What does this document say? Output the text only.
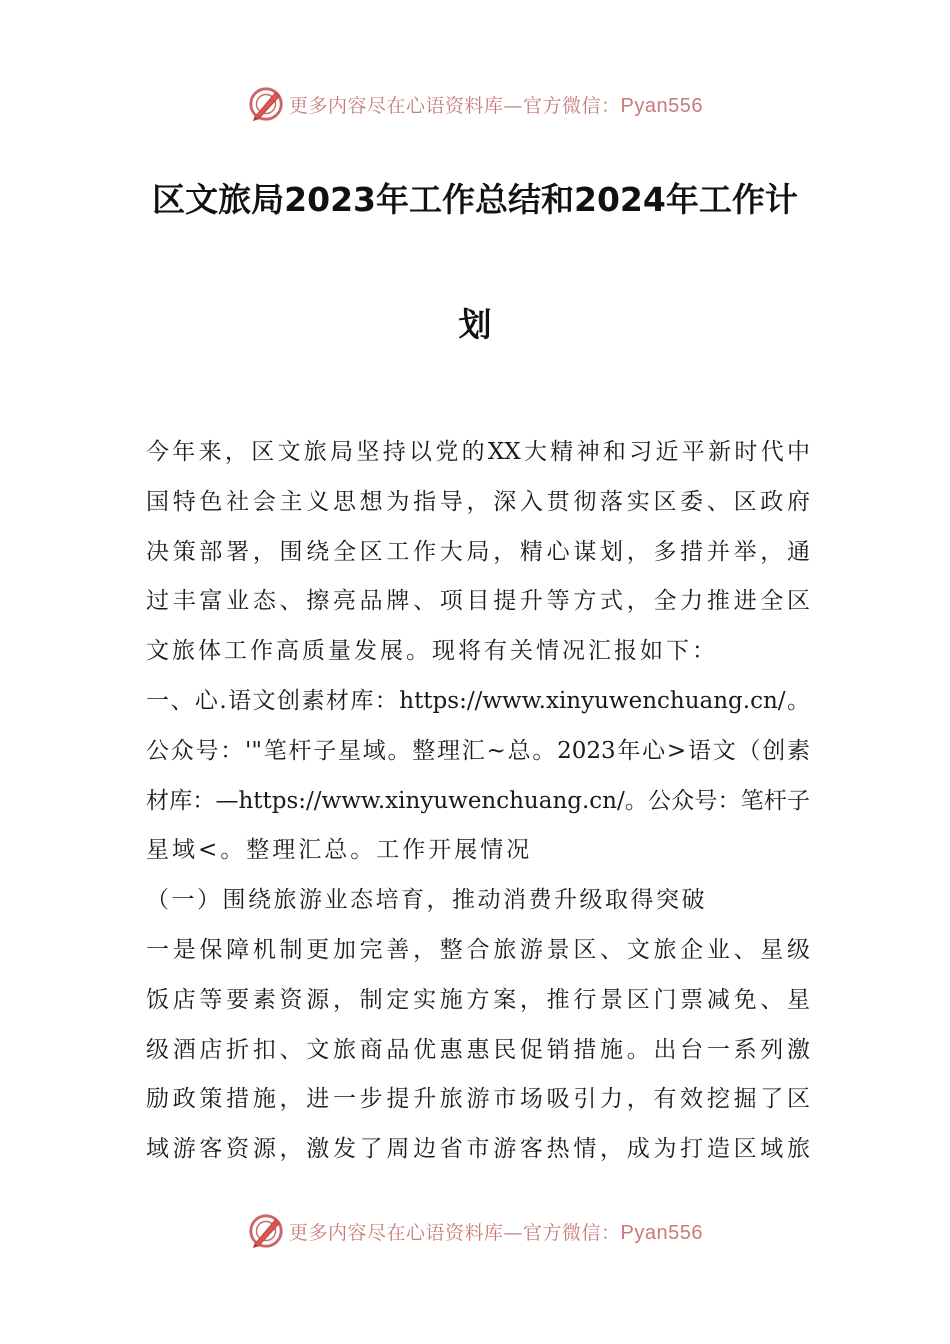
更多内容尽在心语资料库—官方微信：Pyan556
区文旅局2023年工作总结和2024年工作计
划
今年来，区文旅局坚持以党的XX大精神和习近平新时代中
国特色社会主义思想为指导，深入贯彻落实区委、区政府
决策部署，围绕全区工作大局，精心谋划，多措并举，通
过丰富业态、擦亮品牌、项目提升等方式，全力推进全区
文旅体工作高质量发展。现将有关情况汇报如下：
一、心.语文创素材库：https://www.xinyuwenchuang.cn/。
公众号：'"笔杆子星域。整理汇~总。2023年心>语文（创素
材库：—https://www.xinyuwenchuang.cn/。公众号：笔杆子
星域<。整理汇总。工作开展情况
（一）围绕旅游业态培育，推动消费升级取得突破
一是保障机制更加完善，整合旅游景区、文旅企业、星级
饭店等要素资源，制定实施方案，推行景区门票减免、星
级酒店折扣、文旅商品优惠惠民促销措施。出台一系列激
励政策措施，进一步提升旅游市场吸引力，有效挖掘了区
域游客资源，激发了周边省市游客热情，成为打造区域旅
更多内容尽在心语资料库—官方微信：Pyan556
